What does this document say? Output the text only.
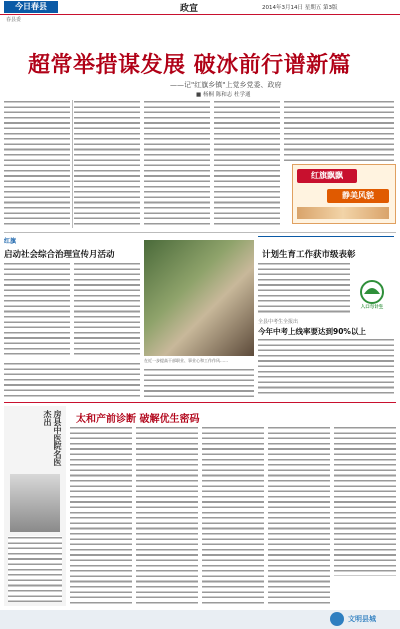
今日春县	政宣	2014年3月14日 星期五 第3版
春县委
超常举措谋发展 破冰前行谱新篇
——记"红旗乡镇"上觉乡党委、政府
■ 杨桐 陈和志 杜学通
红旗飘飘
静美风貌
红旗
启动社会综合治理宣传月活动	计划生育工作获市级表彰
入口与计生
全县中考生全报出
今年中考上线率要达到90%以上
在近一步提高干部职业、事业心和工作作风……
房县中医院名医杰出	太和产前诊断 破解优生密码
文明县城
